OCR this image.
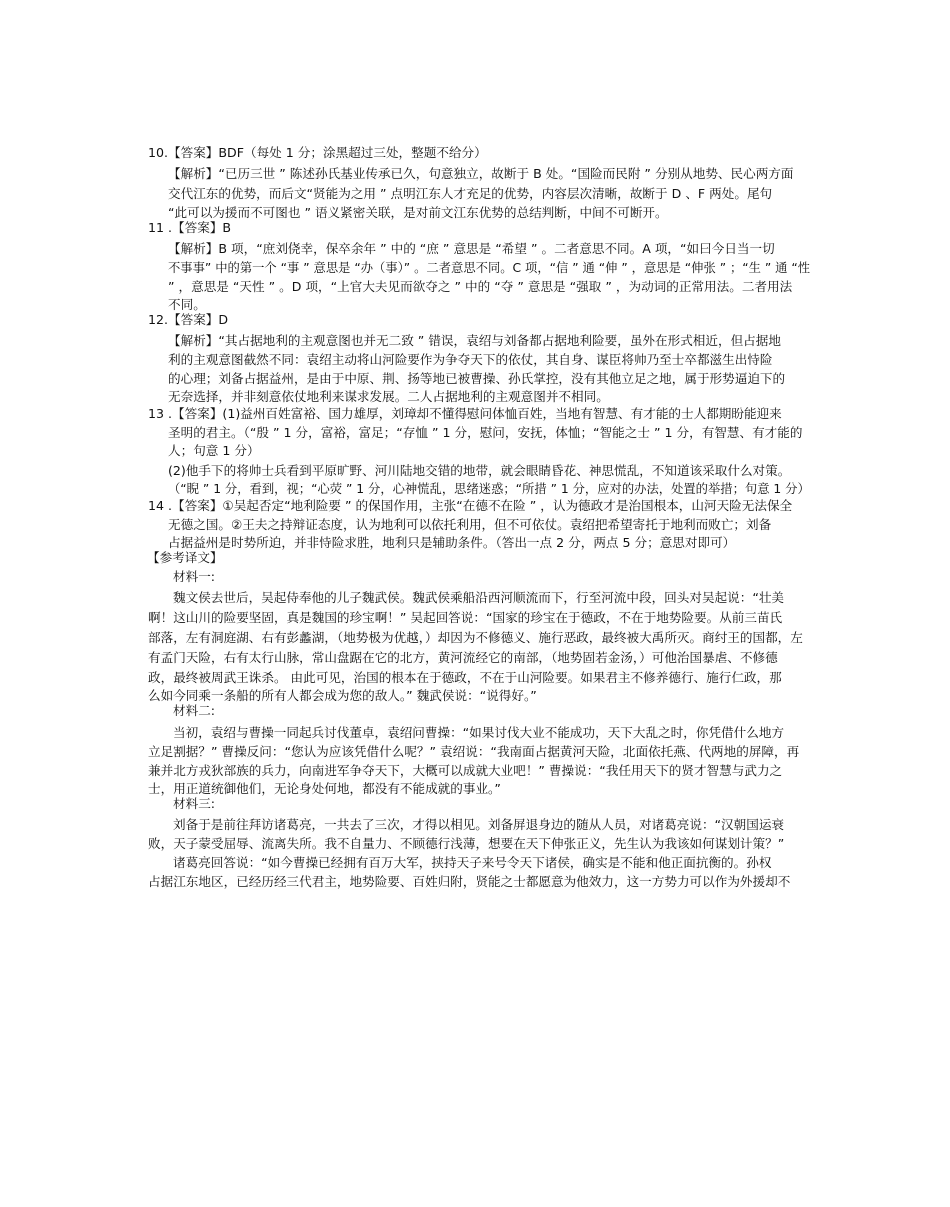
10.【答案】BDF（每处 1 分；涂黑超过三处，整题不给分）

【解析】“已历三世 ” 陈述孙氏基业传承已久，句意独立，故断于 B 处。“国险而民附 ” 分别从地势、民心两方面

交代江东的优势，而后文“贤能为之用 ” 点明江东人才充足的优势，内容层次清晰，故断于 D 、F 两处。尾句

“此可以为援而不可图也 ” 语义紧密关联，是对前文江东优势的总结判断，中间不可断开。

11 .【答案】B

【解析】B 项，“庶刘侥幸，保卒余年 ” 中的 “庶 ” 意思是 “希望 ” 。二者意思不同。A 项，“如曰今日当一切

不事事” 中的第一个 “事 ” 意思是 “办（事）” 。二者意思不同。C 项，“信 ” 通 “伸 ” ，意思是 “伸张 ” ；“生 ” 通 “性

” ，意思是 “天性 ” 。D 项，“上官大夫见而欲夺之 ” 中的 “夺 ” 意思是 “强取 ” ，为动词的正常用法。二者用法

不同。

12.【答案】D

【解析】“其占据地利的主观意图也并无二致 ” 错误，袁绍与刘备都占据地利险要，虽外在形式相近，但占据地

利的主观意图截然不同：袁绍主动将山河险要作为争夺天下的依仗，其自身、谋臣将帅乃至士卒都滋生出恃险

的心理；刘备占据益州，是由于中原、荆、扬等地已被曹操、孙氏掌控，没有其他立足之地，属于形势逼迫下的

无奈选择，并非刻意依仗地利来谋求发展。二人占据地利的主观意图并不相同。

13 .【答案】(1)益州百姓富裕、国力雄厚，刘璋却不懂得慰问体恤百姓，当地有智慧、有才能的士人都期盼能迎来

圣明的君主。（“殷 ” 1 分，富裕，富足；“存恤 ” 1 分，慰问，安抚，体恤；“智能之士 ” 1 分，有智慧、有才能的

人；句意 1 分）

(2)他手下的将帅士兵看到平原旷野、河川陆地交错的地带，就会眼睛昏花、神思慌乱，不知道该采取什么对策。

（“睨 ” 1 分，看到，视；“心荧 ” 1 分，心神慌乱，思绪迷惑；“所措 ” 1 分，应对的办法，处置的举措；句意 1 分）

14 .【答案】①吴起否定“地利险要 ” 的保国作用，主张“在德不在险 ” ，认为德政才是治国根本，山河天险无法保全

无德之国。②王夫之持辩证态度，认为地利可以依托利用，但不可依仗。袁绍把希望寄托于地利而败亡；刘备

占据益州是时势所迫，并非恃险求胜，地利只是辅助条件。（答出一点 2 分，两点 5 分；意思对即可）

【参考译文】

材料一:

魏文侯去世后，吴起侍奉他的儿子魏武侯。魏武侯乘船沿西河顺流而下，行至河流中段，回头对吴起说：“壮美

啊！这山川的险要坚固，真是魏国的珍宝啊！” 吴起回答说：“国家的珍宝在于德政，不在于地势险要。从前三苗氏

部落，左有洞庭湖、右有彭蠡湖，（地势极为优越，）却因为不修德义、施行恶政，最终被大禹所灭。商纣王的国都，左

有孟门天险，右有太行山脉，常山盘踞在它的北方，黄河流经它的南部，（地势固若金汤，）可他治国暴虐、不修德

政，最终被周武王诛杀。 由此可见，治国的根本在于德政，不在于山河险要。如果君主不修养德行、施行仁政，那

么如今同乘一条船的所有人都会成为您的敌人。” 魏武侯说：“说得好。”

材料二:

当初，袁绍与曹操一同起兵讨伐董卓，袁绍问曹操：“如果讨伐大业不能成功，天下大乱之时，你凭借什么地方

立足割据？” 曹操反问：“您认为应该凭借什么呢？” 袁绍说：“我南面占据黄河天险，北面依托燕、代两地的屏障，再

兼并北方戎狄部族的兵力，向南进军争夺天下，大概可以成就大业吧！” 曹操说：“我任用天下的贤才智慧与武力之

士，用正道统御他们，无论身处何地，都没有不能成就的事业。”

材料三:

刘备于是前往拜访诸葛亮，一共去了三次，才得以相见。刘备屏退身边的随从人员，对诸葛亮说：“汉朝国运衰

败，天子蒙受屈辱、流离失所。我不自量力、不顾德行浅薄，想要在天下伸张正义，先生认为我该如何谋划计策？”

诸葛亮回答说：“如今曹操已经拥有百万大军，挟持天子来号令天下诸侯，确实是不能和他正面抗衡的。孙权

占据江东地区，已经历经三代君主，地势险要、百姓归附，贤能之士都愿意为他效力，这一方势力可以作为外援却不
